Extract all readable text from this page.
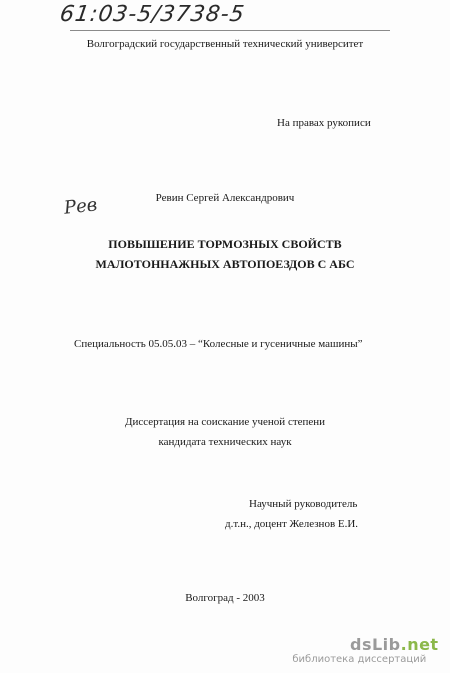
61:03-5/3738-5
Волгоградский государственный технический университет
На правах рукописи
Рев	Ревин Сергей Александрович
ПОВЫШЕНИЕ ТОРМОЗНЫХ СВОЙСТВ
МАЛОТОННАЖНЫХ АВТОПОЕЗДОВ С АБС
Специальность 05.05.03 – “Колесные и гусеничные машины”
Диссертация на соискание ученой степени
кандидата технических наук
Научный руководитель
д.т.н., доцент Железнов Е.И.
Волгоград - 2003
dsLib.net
библиотека диссертаций
